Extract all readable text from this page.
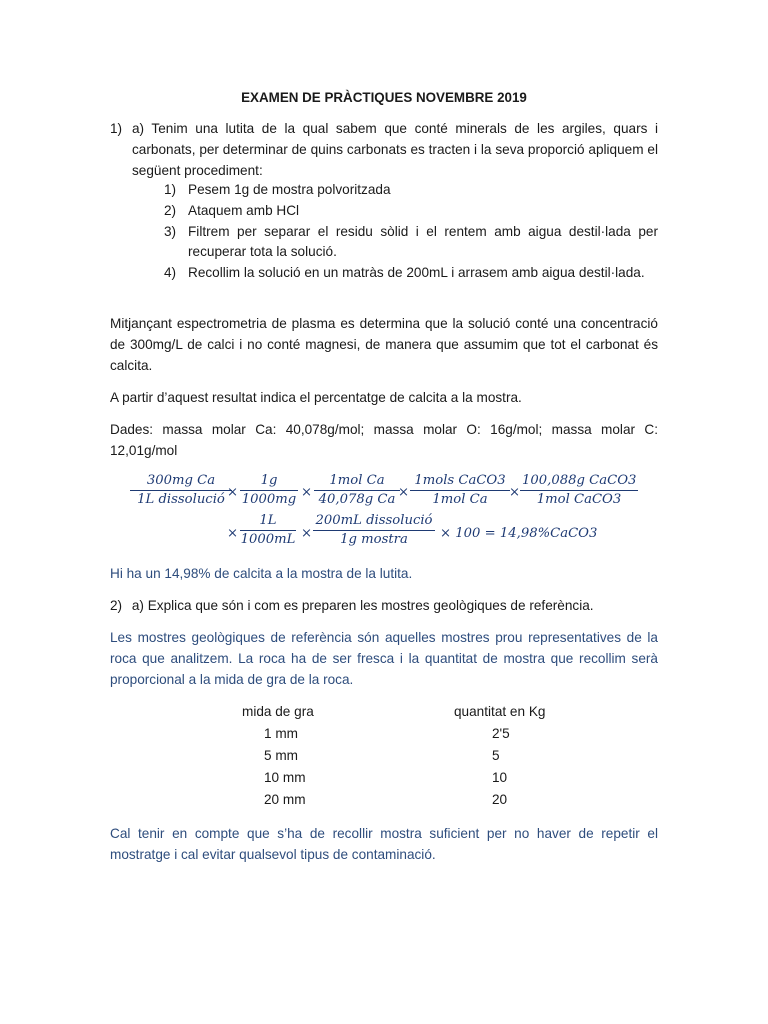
EXAMEN DE PRÀCTIQUES NOVEMBRE 2019
1) a) Tenim una lutita de la qual sabem que conté minerals de les argiles, quars i carbonats, per determinar de quins carbonats es tracten i la seva proporció apliquem el següent procediment:
1) Pesem 1g de mostra polvoritzada
2) Ataquem amb HCl
3) Filtrem per separar el residu sòlid i el rentem amb aigua destil·lada per recuperar tota la solució.
4) Recollim la solució en un matràs de 200mL i arrasem amb aigua destil·lada.
Mitjançant espectrometria de plasma es determina que la solució conté una concentració de 300mg/L de calci i no conté magnesi, de manera que assumim que tot el carbonat és calcita.
A partir d’aquest resultat indica el percentatge de calcita a la mostra.
Dades: massa molar Ca: 40,078g/mol; massa molar O: 16g/mol; massa molar C: 12,01g/mol
300mg Ca
1L dissolució × $\frac{1g}{1000mg}$ ×
1mol Ca
40,078g Ca ×
1mols CaCO3
1mol Ca	×
100,088g CaCO3
1mol CaCO3
× $\frac{1L}{1000mL}$ ×
200mL dissolució
1g mostra	× 100 = 14,98%CaCO3
Hi ha un 14,98% de calcita a la mostra de la lutita.
2) a) Explica que són i com es preparen les mostres geològiques de referència.
Les mostres geològiques de referència són aquelles mostres prou representatives de la roca que analitzem. La roca ha de ser fresca i la quantitat de mostra que recollim serà proporcional a la mida de gra de la roca.
Cal tenir en compte que s’ha de recollir mostra suficient per no haver de repetir el mostratge i cal evitar qualsevol tipus de contaminació.
mida de gra	quantitat en Kg
1 mm	2'5
5 mm	5
10 mm	10
20 mm	20
